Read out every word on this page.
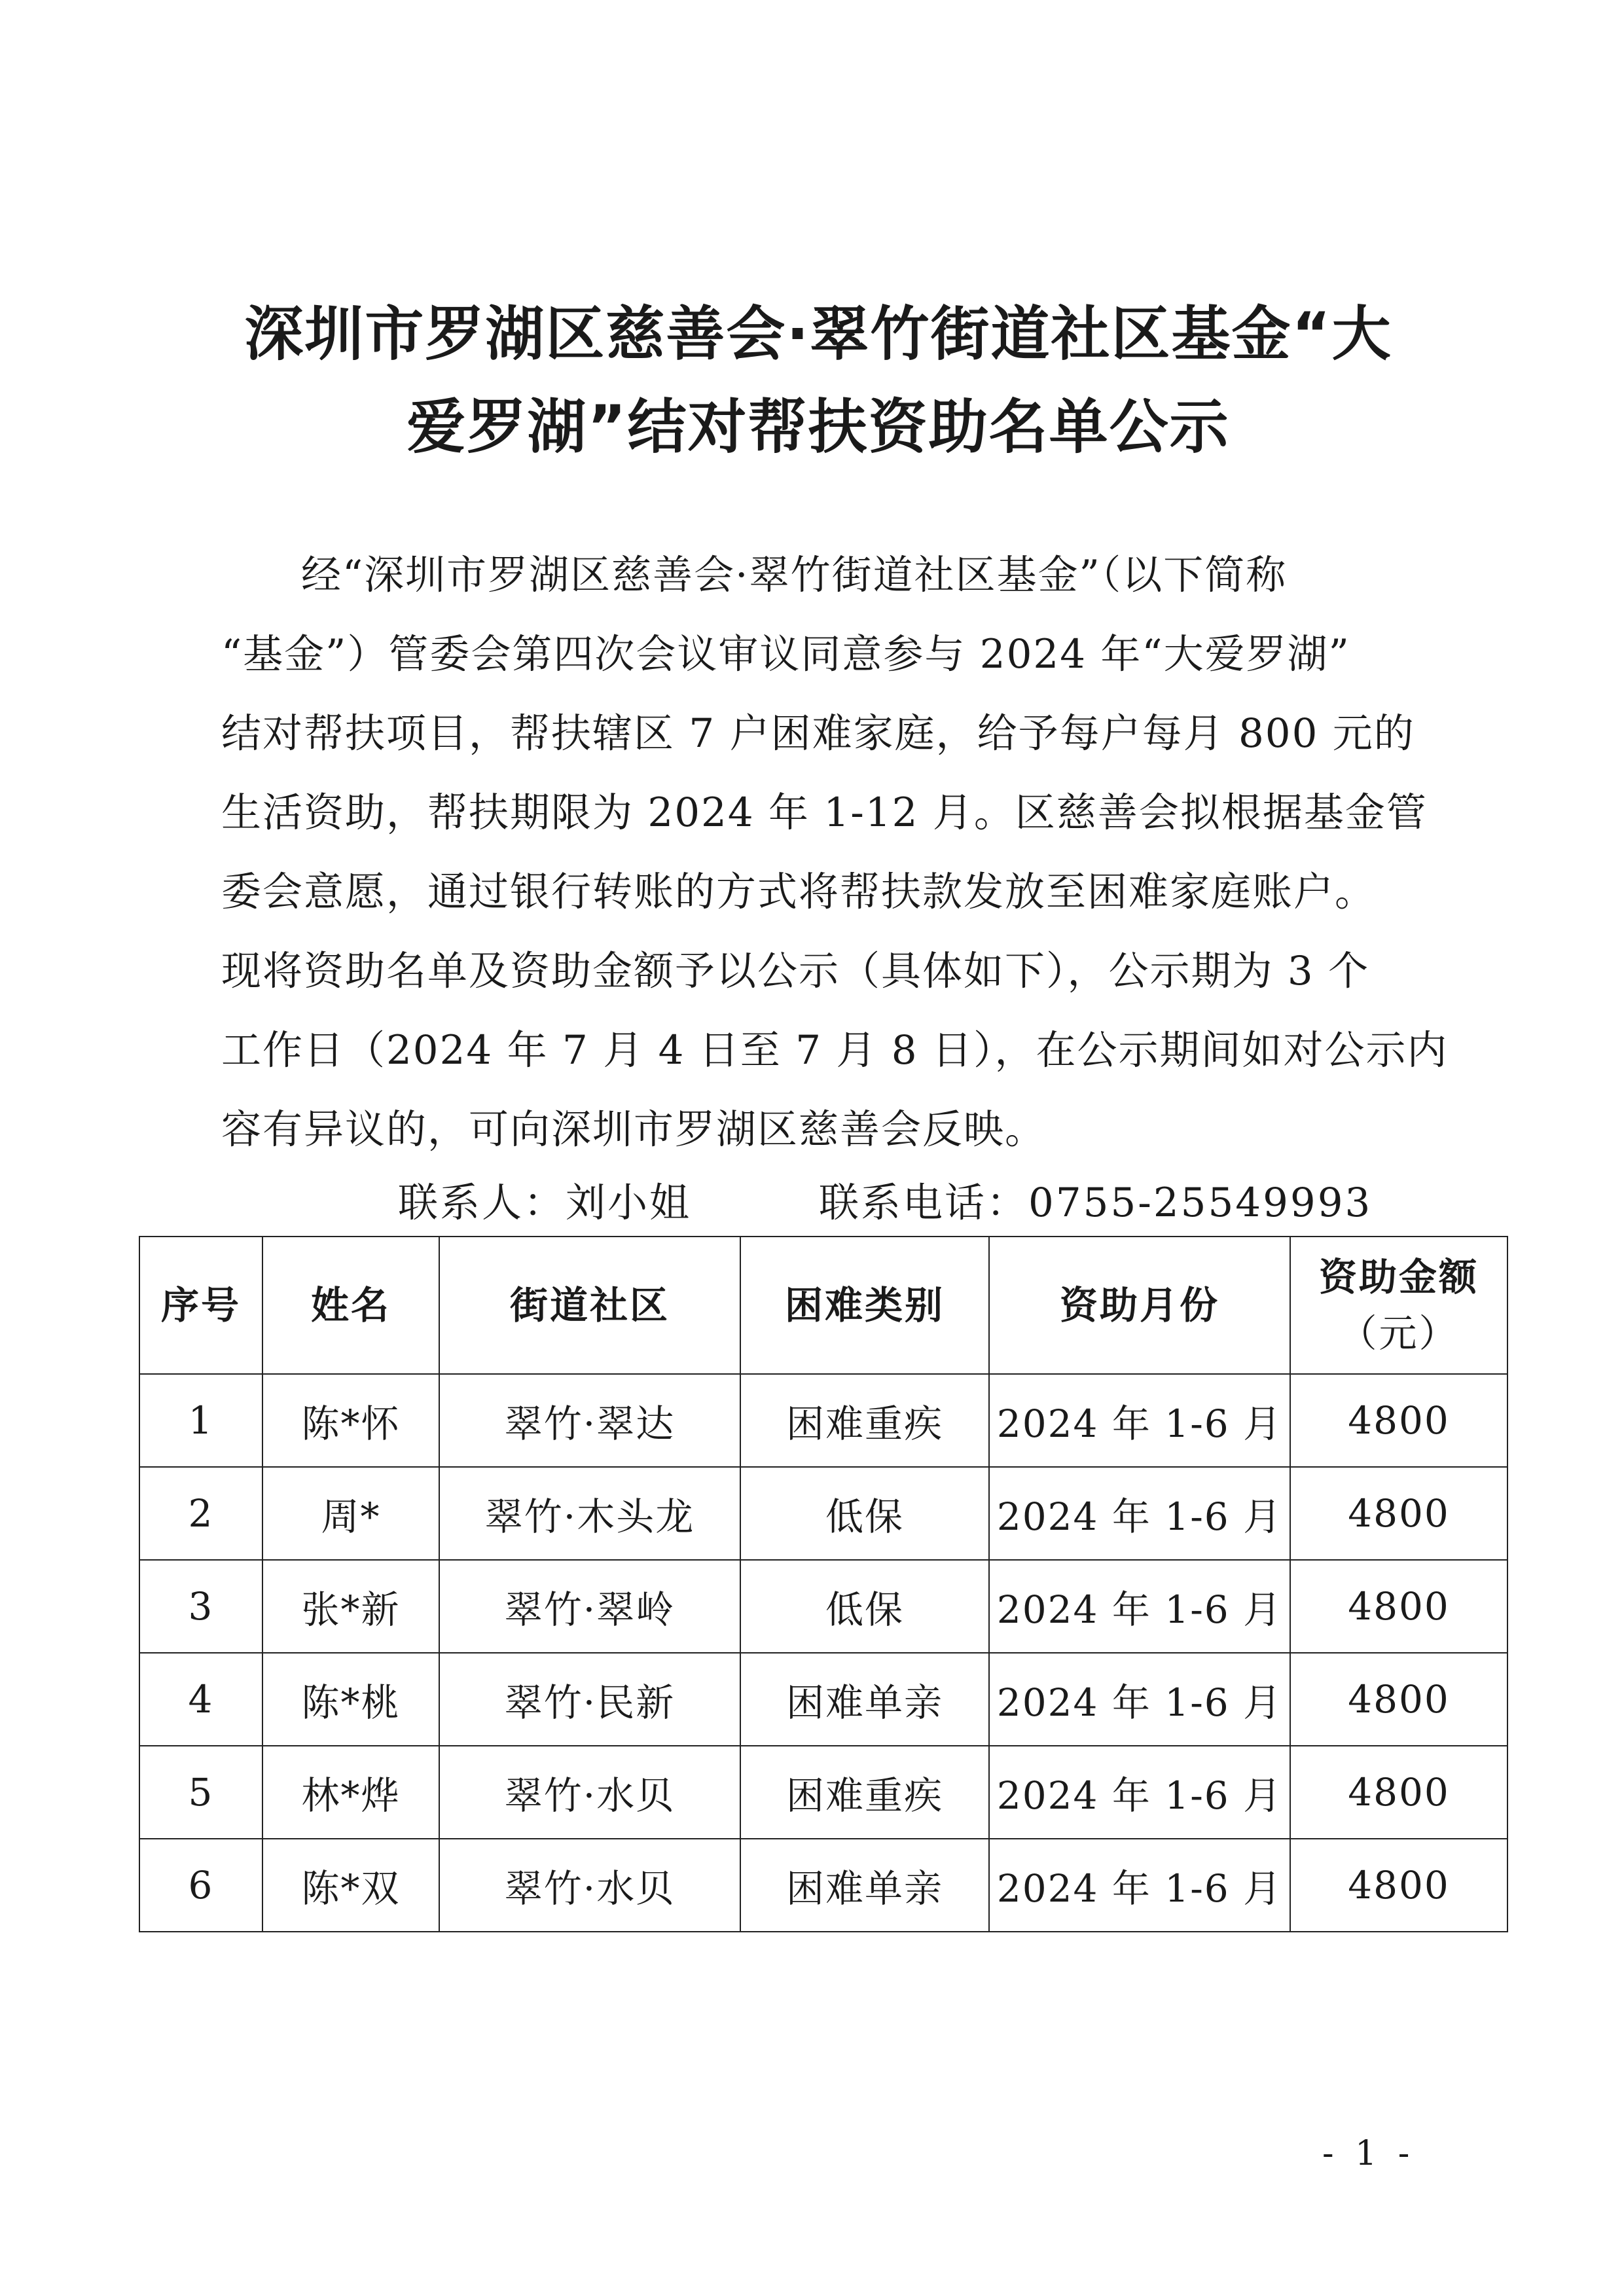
深圳市罗湖区慈善会·翠竹街道社区基金“大
爱罗湖”结对帮扶资助名单公示
经“深圳市罗湖区慈善会·翠竹街道社区基金”（以下简称
“基金”）管委会第四次会议审议同意参与 2024 年“大爱罗湖”
结对帮扶项目，帮扶辖区 7 户困难家庭，给予每户每月 800 元的
生活资助，帮扶期限为 2024 年 1-12 月。区慈善会拟根据基金管
委会意愿，通过银行转账的方式将帮扶款发放至困难家庭账户。
现将资助名单及资助金额予以公示（具体如下），公示期为 3 个
工作日（2024 年 7 月 4 日至 7 月 8 日），在公示期间如对公示内
容有异议的，可向深圳市罗湖区慈善会反映。
联系人：刘小姐	联系电话：0755-25549993
序号	姓名	街道社区	困难类别	资助月份	资助金额
（元）

1	陈*怀	翠竹·翠达	困难重疾	2024 年 1-6 月	4800
2	周*	翠竹·木头龙	低保	2024 年 1-6 月	4800
3	张*新	翠竹·翠岭	低保	2024 年 1-6 月	4800
4	陈*桃	翠竹·民新	困难单亲	2024 年 1-6 月	4800
5	林*烨	翠竹·水贝	困难重疾	2024 年 1-6 月	4800
6	陈*双	翠竹·水贝	困难单亲	2024 年 1-6 月	4800
- 1 -
